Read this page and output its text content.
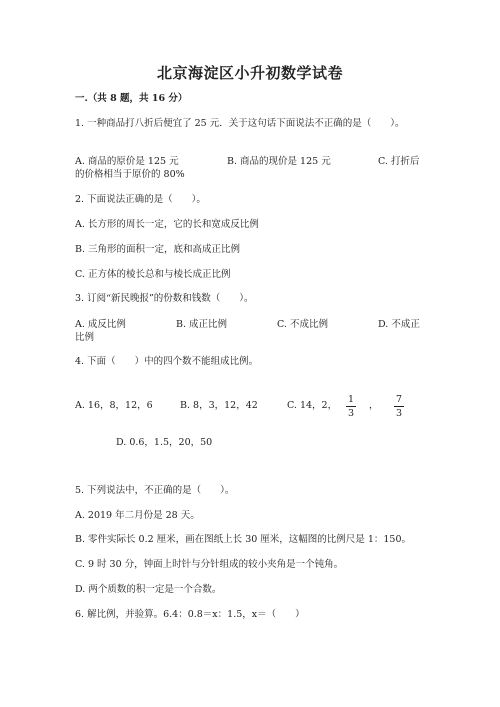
北京海淀区小升初数学试卷
一.（共 8 题，共 16 分）
1. 一种商品打八折后便宜了 25 元．关于这句话下面说法不正确的是（　　）。
A. 商品的原价是 125 元	B. 商品的现价是 125 元	C. 打折后
的价格相当于原价的 80%
2. 下面说法正确的是（　　）。
A. 长方形的周长一定，它的长和宽成反比例
B. 三角形的面积一定，底和高成正比例
C. 正方体的棱长总和与棱长成正比例
3. 订阅“新民晚报”的份数和钱数（　　）。
A. 成反比例	B. 成正比例	C. 不成比例	D. 不成正
比例
4. 下面（　　）中的四个数不能组成比例。
A. 16，8，12，6	B. 8，3，12，42	C. 14，2，
1
3
，
7
3
D. 0.6，1.5，20，50
5. 下列说法中，不正确的是（　　）。
A. 2019 年二月份是 28 天。
B. 零件实际长 0.2 厘米，画在图纸上长 30 厘米，这幅图的比例尺是 1：150。
C. 9 时 30 分，钟面上时针与分针组成的较小夹角是一个钝角。
D. 两个质数的积一定是一个合数。
6. 解比例，并验算。6.4：0.8＝x：1.5，x＝（　　）
